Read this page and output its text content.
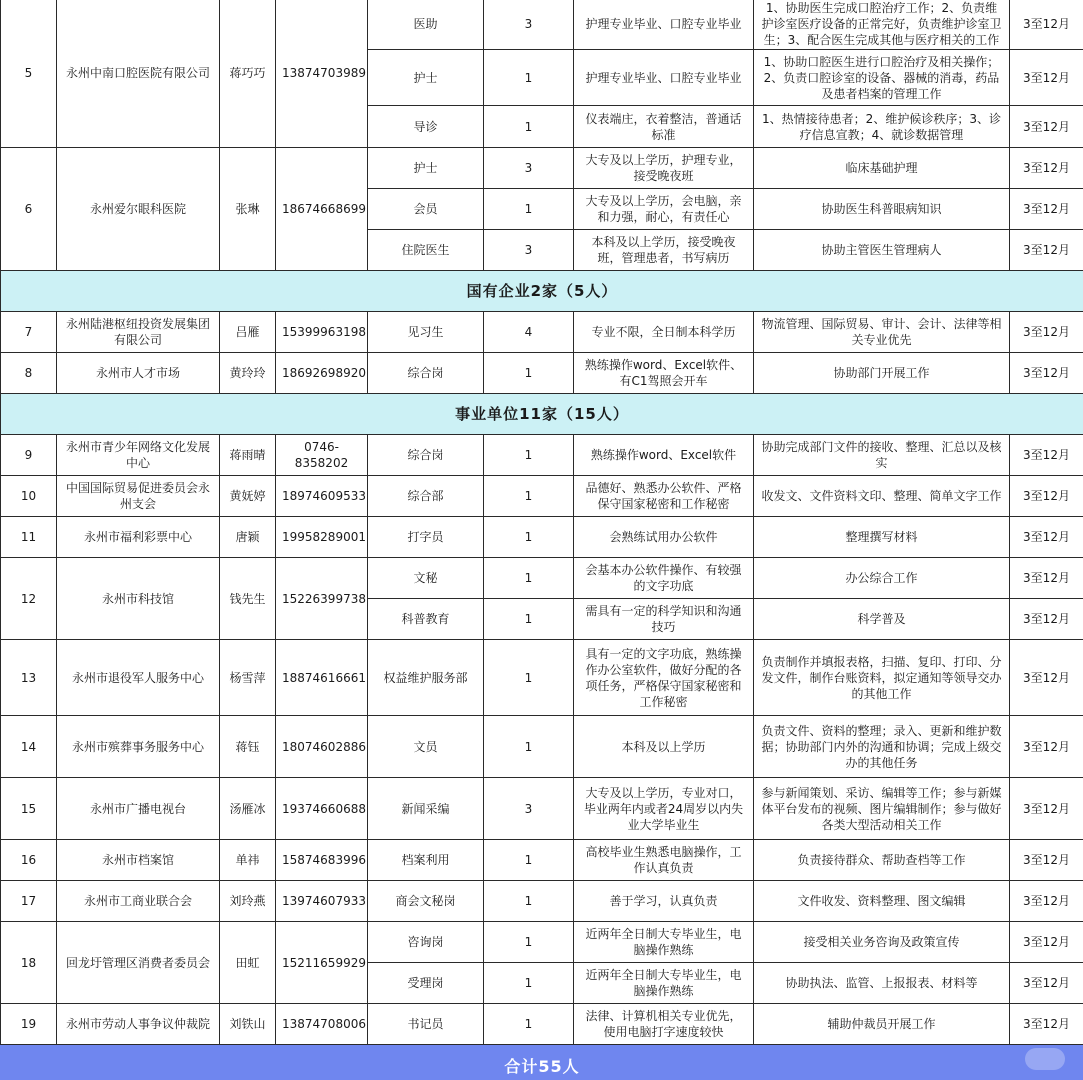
5	永州中南口腔医院有限公司	蒋巧巧	13874703989	医助	3	护理专业毕业、口腔专业毕业	1、协助医生完成口腔治疗工作；2、负责维护诊室医疗设备的正常完好，负责维护诊室卫生；3、配合医生完成其他与医疗相关的工作	3至12月
				护士	1	护理专业毕业、口腔专业毕业	1、协助口腔医生进行口腔治疗及相关操作；2、负责口腔诊室的设备、器械的消毒，药品及患者档案的管理工作	3至12月
				导诊	1	仪表端庄，衣着整洁，普通话标准	1、热情接待患者；2、维护候诊秩序；3、诊疗信息宣教；4、就诊数据管理	3至12月
6	永州爱尔眼科医院	张琳	18674668699	护士	3	大专及以上学历，护理专业，接受晚夜班	临床基础护理	3至12月
				会员	1	大专及以上学历，会电脑，亲和力强，耐心，有责任心	协助医生科普眼病知识	3至12月
				住院医生	3	本科及以上学历，接受晚夜班，管理患者，书写病历	协助主管医生管理病人	3至12月
国有企业2家（5人）								
7	永州陆港枢纽投资发展集团有限公司	吕雁	15399963198	见习生	4	专业不限，全日制本科学历	物流管理、国际贸易、审计、会计、法律等相关专业优先	3至12月
8	永州市人才市场	黄玲玲	18692698920	综合岗	1	熟练操作word、Excel软件、有C1驾照会开车	协助部门开展工作	3至12月
事业单位11家（15人）								
9	永州市青少年网络文化发展中心	蒋雨晴	0746-8358202	综合岗	1	熟练操作word、Excel软件	协助完成部门文件的接收、整理、汇总以及核实	3至12月
10	中国国际贸易促进委员会永州支会	黄妩婷	18974609533	综合部	1	品德好、熟悉办公软件、严格保守国家秘密和工作秘密	收发文、文件资料文印、整理、简单文字工作	3至12月
11	永州市福利彩票中心	唐颖	19958289001	打字员	1	会熟练试用办公软件	整理撰写材料	3至12月
12	永州市科技馆	钱先生	15226399738	文秘	1	会基本办公软件操作、有较强的文字功底	办公综合工作	3至12月
				科普教育	1	需具有一定的科学知识和沟通技巧	科学普及	3至12月
13	永州市退役军人服务中心	杨雪萍	18874616661	权益维护服务部	1	具有一定的文字功底，熟练操作办公室软件，做好分配的各项任务，严格保守国家秘密和工作秘密	负责制作并填报表格，扫描、复印、打印、分发文件，制作台账资料，拟定通知等领导交办的其他工作	3至12月
14	永州市殡葬事务服务中心	蒋钰	18074602886	文员	1	本科及以上学历	负责文件、资料的整理；录入、更新和维护数据；协助部门内外的沟通和协调；完成上级交办的其他任务	3至12月
15	永州市广播电视台	汤雁冰	19374660688	新闻采编	3	大专及以上学历，专业对口，毕业两年内或者24周岁以内失业大学毕业生	参与新闻策划、采访、编辑等工作；参与新媒体平台发布的视频、图片编辑制作；参与做好各类大型活动相关工作	3至12月
16	永州市档案馆	单祎	15874683996	档案利用	1	高校毕业生熟悉电脑操作，工作认真负责	负责接待群众、帮助查档等工作	3至12月
17	永州市工商业联合会	刘玲燕	13974607933	商会文秘岗	1	善于学习，认真负责	文件收发、资料整理、图文编辑	3至12月
18	回龙圩管理区消费者委员会	田虹	15211659929	咨询岗	1	近两年全日制大专毕业生，电脑操作熟练	接受相关业务咨询及政策宣传	3至12月
				受理岗	1	近两年全日制大专毕业生，电脑操作熟练	协助执法、监管、上报报表、材料等	3至12月
19	永州市劳动人事争议仲裁院	刘铁山	13874708006	书记员	1	法律、计算机相关专业优先，使用电脑打字速度较快	辅助仲裁员开展工作	3至12月
合计55人								
